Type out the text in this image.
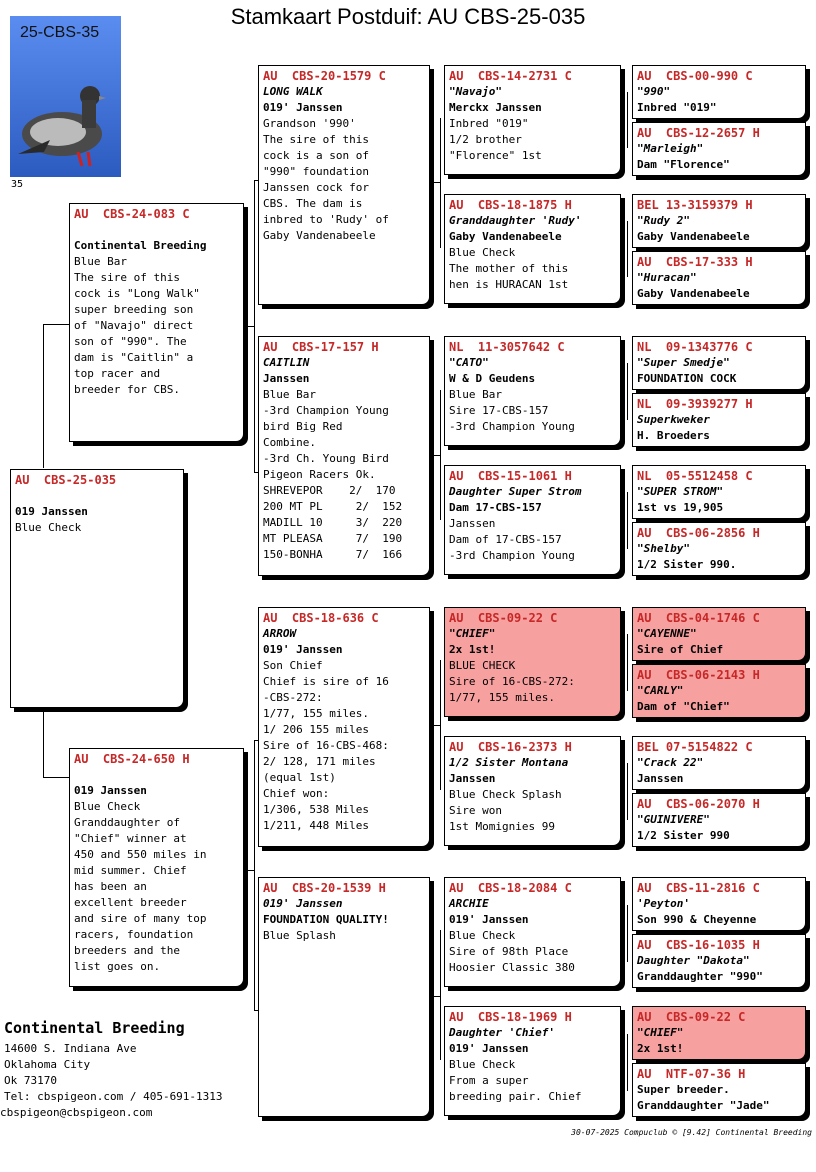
Stamkaart Postduif: AU CBS-25-035
25-CBS-35
35
AU  CBS-25-035

019 Janssen
Blue Check
AU  CBS-24-083 C

Continental Breeding
Blue Bar
The sire of this
cock is "Long Walk"
super breeding son
of "Navajo" direct
son of "990". The
dam is "Caitlin" a
top racer and
breeder for CBS.
AU  CBS-24-650 H

019 Janssen
Blue Check
Granddaughter of
"Chief" winner at
450 and 550 miles in
mid summer. Chief
has been an
excellent breeder
and sire of many top
racers, foundation
breeders and the
list goes on.
AU  CBS-20-1579 C
LONG WALK
019' Janssen
Grandson '990'
The sire of this
cock is a son of
"990" foundation
Janssen cock for
CBS. The dam is
inbred to 'Rudy' of
Gaby Vandenabeele
AU  CBS-17-157 H
CAITLIN
Janssen
Blue Bar
-3rd Champion Young
bird Big Red
Combine.
-3rd Ch. Young Bird
Pigeon Racers Ok.
SHREVEPOR    2/  170
200 MT PL     2/  152
MADILL 10     3/  220
MT PLEASA     7/  190
150-BONHA     7/  166
AU  CBS-18-636 C
ARROW
019' Janssen
Son Chief
Chief is sire of 16
-CBS-272:
1/77, 155 miles.
1/ 206 155 miles
Sire of 16-CBS-468:
2/ 128, 171 miles
(equal 1st)
Chief won:
1/306, 538 Miles
1/211, 448 Miles
AU  CBS-20-1539 H
019' Janssen
FOUNDATION QUALITY!
Blue Splash
AU  CBS-14-2731 C
"Navajo"
Merckx Janssen
Inbred "019"
1/2 brother
"Florence" 1st
AU  CBS-18-1875 H
Granddaughter 'Rudy'
Gaby Vandenabeele
Blue Check
The mother of this
hen is HURACAN 1st
NL  11-3057642 C
"CATO"
W & D Geudens
Blue Bar
Sire 17-CBS-157
-3rd Champion Young
AU  CBS-15-1061 H
Daughter Super Strom
Dam 17-CBS-157
Janssen
Dam of 17-CBS-157
-3rd Champion Young
AU  CBS-09-22 C
"CHIEF"
2x 1st!
BLUE CHECK
Sire of 16-CBS-272:
1/77, 155 miles.
AU  CBS-16-2373 H
1/2 Sister Montana
Janssen
Blue Check Splash
Sire won
1st Momignies 99
AU  CBS-18-2084 C
ARCHIE
019' Janssen
Blue Check
Sire of 98th Place
Hoosier Classic 380
AU  CBS-18-1969 H
Daughter 'Chief'
019' Janssen
Blue Check
From a super
breeding pair. Chief
AU  CBS-00-990 C
"990"
Inbred "019"
AU  CBS-12-2657 H
"Marleigh"
Dam "Florence"
BEL 13-3159379 H
"Rudy 2"
Gaby Vandenabeele
AU  CBS-17-333 H
"Huracan"
Gaby Vandenabeele
NL  09-1343776 C
"Super Smedje"
FOUNDATION COCK
NL  09-3939277 H
Superkweker
H. Broeders
NL  05-5512458 C
"SUPER STROM"
1st vs 19,905
AU  CBS-06-2856 H
"Shelby"
1/2 Sister 990.
AU  CBS-04-1746 C
"CAYENNE"
Sire of Chief
AU  CBS-06-2143 H
"CARLY"
Dam of "Chief"
BEL 07-5154822 C
"Crack 22"
Janssen
AU  CBS-06-2070 H
"GUINIVERE"
1/2 Sister 990
AU  CBS-11-2816 C
'Peyton'
Son 990 & Cheyenne
AU  CBS-16-1035 H
Daughter "Dakota"
Granddaughter "990"
AU  CBS-09-22 C
"CHIEF"
2x 1st!
AU  NTF-07-36 H
Super breeder.
Granddaughter "Jade"
Continental Breeding
14600 S. Indiana Ave
Oklahoma City
Ok 73170
Tel: cbspigeon.com / 405-691-1313
cbspigeon@cbspigeon.com
30-07-2025 Compuclub © [9.42] Continental Breeding
